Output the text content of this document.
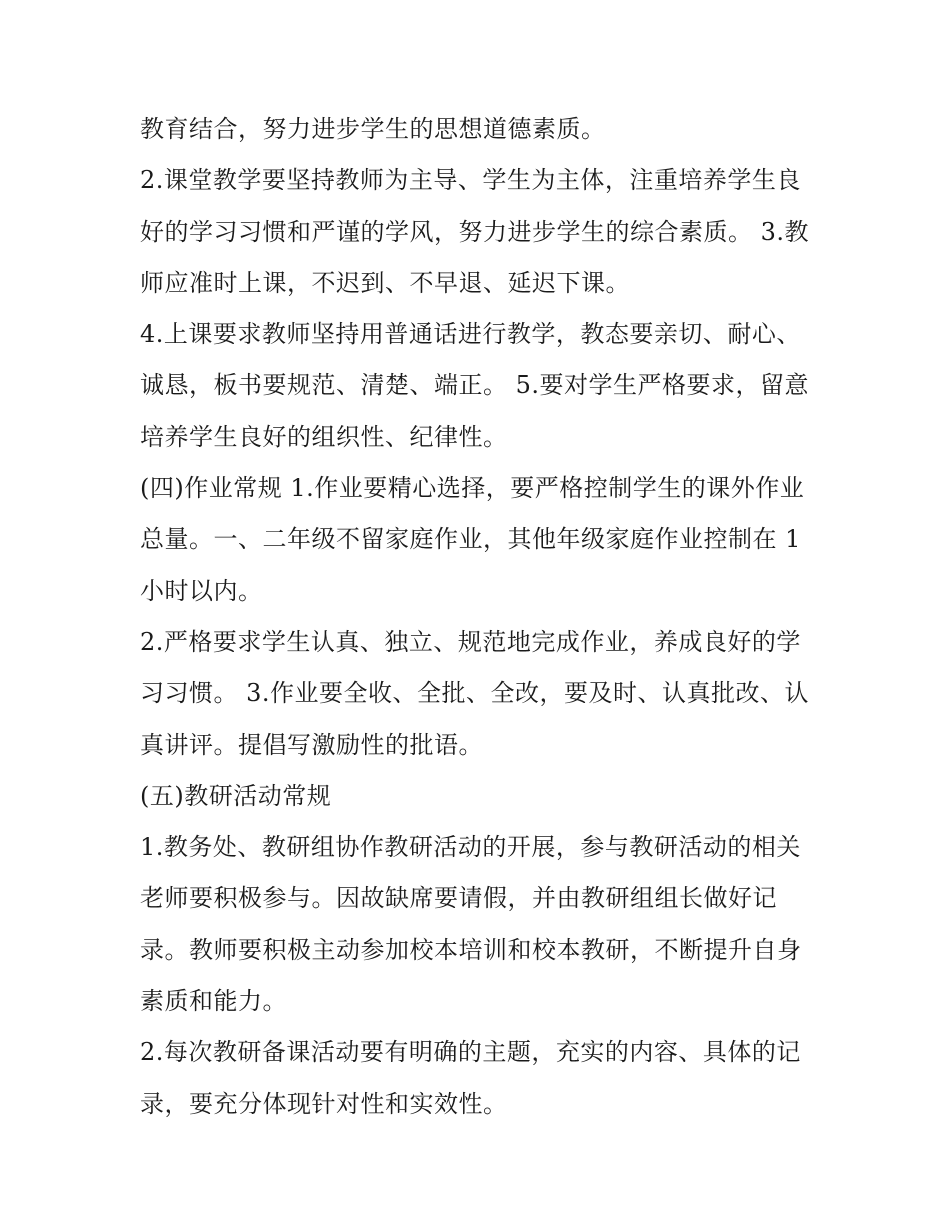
教育结合，努力进步学生的思想道德素质。
2.课堂教学要坚持教师为主导、学生为主体，注重培养学生良
好的学习习惯和严谨的学风，努力进步学生的综合素质。 3.教
师应准时上课，不迟到、不早退、延迟下课。
4.上课要求教师坚持用普通话进行教学，教态要亲切、耐心、
诚恳，板书要规范、清楚、端正。 5.要对学生严格要求，留意
培养学生良好的组织性、纪律性。
(四)作业常规 1.作业要精心选择，要严格控制学生的课外作业
总量。一、二年级不留家庭作业，其他年级家庭作业控制在 1
小时以内。
2.严格要求学生认真、独立、规范地完成作业，养成良好的学
习习惯。 3.作业要全收、全批、全改，要及时、认真批改、认
真讲评。提倡写激励性的批语。
(五)教研活动常规
1.教务处、教研组协作教研活动的开展，参与教研活动的相关
老师要积极参与。因故缺席要请假，并由教研组组长做好记
录。教师要积极主动参加校本培训和校本教研，不断提升自身
素质和能力。
2.每次教研备课活动要有明确的主题，充实的内容、具体的记
录，要充分体现针对性和实效性。
